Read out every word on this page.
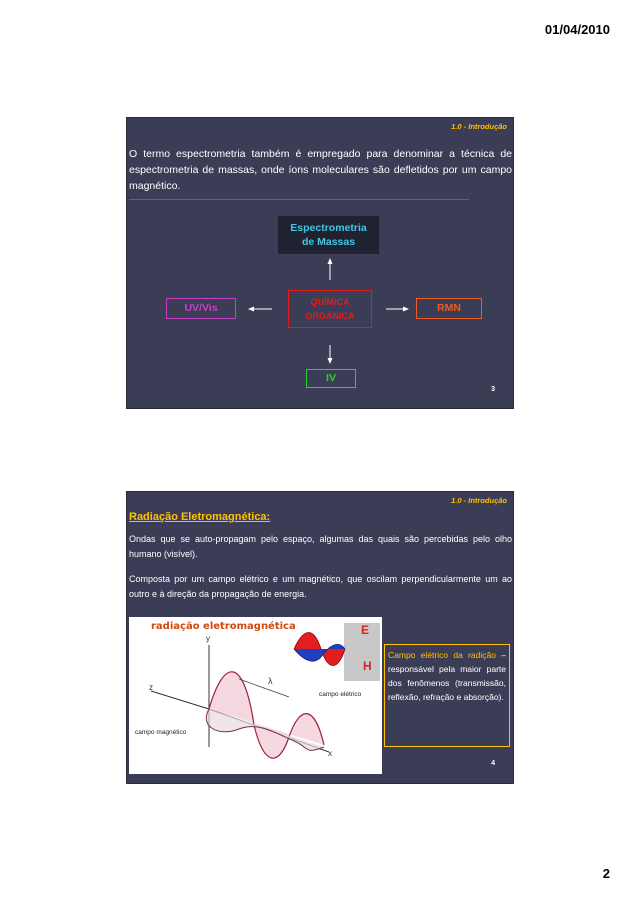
01/04/2010
1.0 - Introdução
O termo espectrometria também é empregado para denominar a técnica de espectrometria de massas, onde íons moleculares são defletidos por um campo magnético.
Espectrometria
de Massas
QUÍMICA
ORGÂNICA
UV/Vis	RMN
IV
3
1.0 - Introdução
Radiação Eletromagnética:
Ondas que se auto-propagam pelo espaço, algumas das quais são percebidas pelo olho humano (visível).
Composta por um campo elétrico e um magnético, que oscilam perpendicularmente um ao outro e à direção da propagação de energia.
radiação eletromagnética
λ
y
z
x
campo elétrico
campo magnético
E
H
Campo elétrico da radição – responsável pela maior parte dos fenômenos (transmissão, reflexão, refração e absorção).
4
2
